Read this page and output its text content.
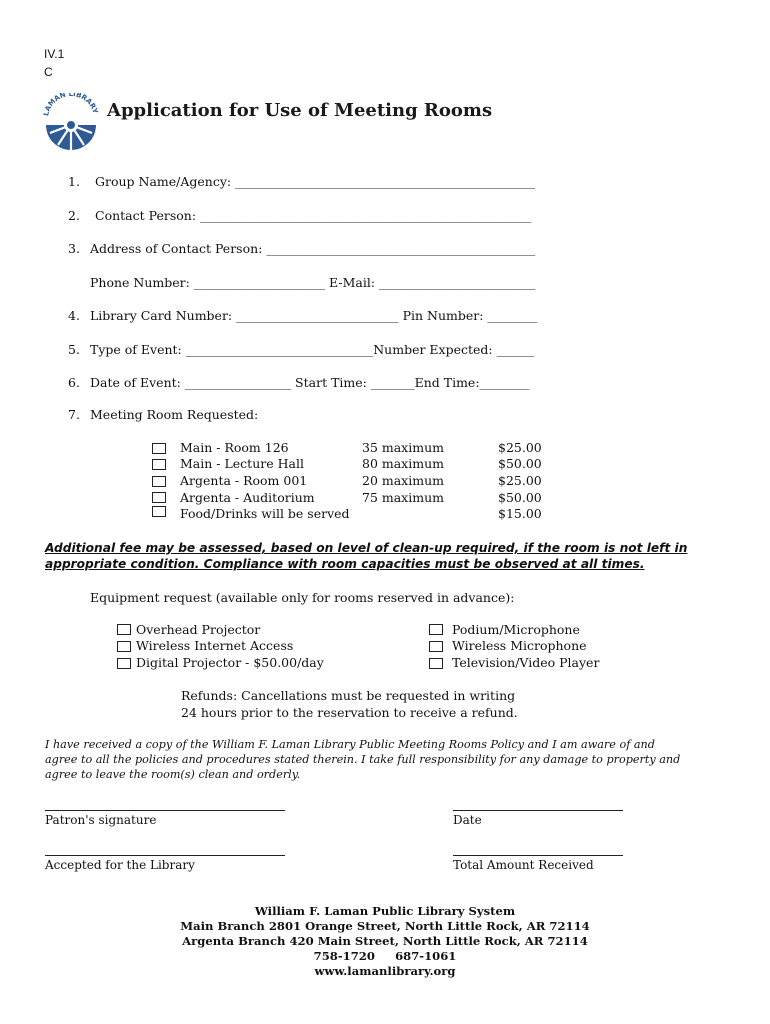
IV.1
C
LAMAN LIBRARY Application for Use of Meeting Rooms
1. Group Name/Agency: ________________________________________________
2. Contact Person: _____________________________________________________
3. Address of Contact Person: ___________________________________________
Phone Number: _____________________ E-Mail: _________________________
4. Library Card Number: __________________________ Pin Number: ________
5. Type of Event: ______________________________Number Expected: ______
6. Date of Event: _________________ Start Time: _______End Time:________
7. Meeting Room Requested:
Main - Room 126	35 maximum	$25.00
Main - Lecture Hall	80 maximum	$50.00
Argenta - Room 001	20 maximum	$25.00
Argenta - Auditorium	75 maximum	$50.00
Food/Drinks will be served	$15.00
Additional fee may be assessed, based on level of clean-up required, if the room is not left in
appropriate condition. Compliance with room capacities must be observed at all times.
Equipment request (available only for rooms reserved in advance):
Overhead Projector
Wireless Internet Access
Digital Projector - $50.00/day
Podium/Microphone
Wireless Microphone
Television/Video Player
Refunds: Cancellations must be requested in writing
24 hours prior to the reservation to receive a refund.
I have received a copy of the William F. Laman Library Public Meeting Rooms Policy and I am aware of and
agree to all the policies and procedures stated therein. I take full responsibility for any damage to property and
agree to leave the room(s) clean and orderly.
Patron's signature	Date
Accepted for the Library	Total Amount Received
William F. Laman Public Library System
Main Branch 2801 Orange Street, North Little Rock, AR 72114
Argenta Branch 420 Main Street, North Little Rock, AR 72114
758-1720     687-1061
www.lamanlibrary.org
